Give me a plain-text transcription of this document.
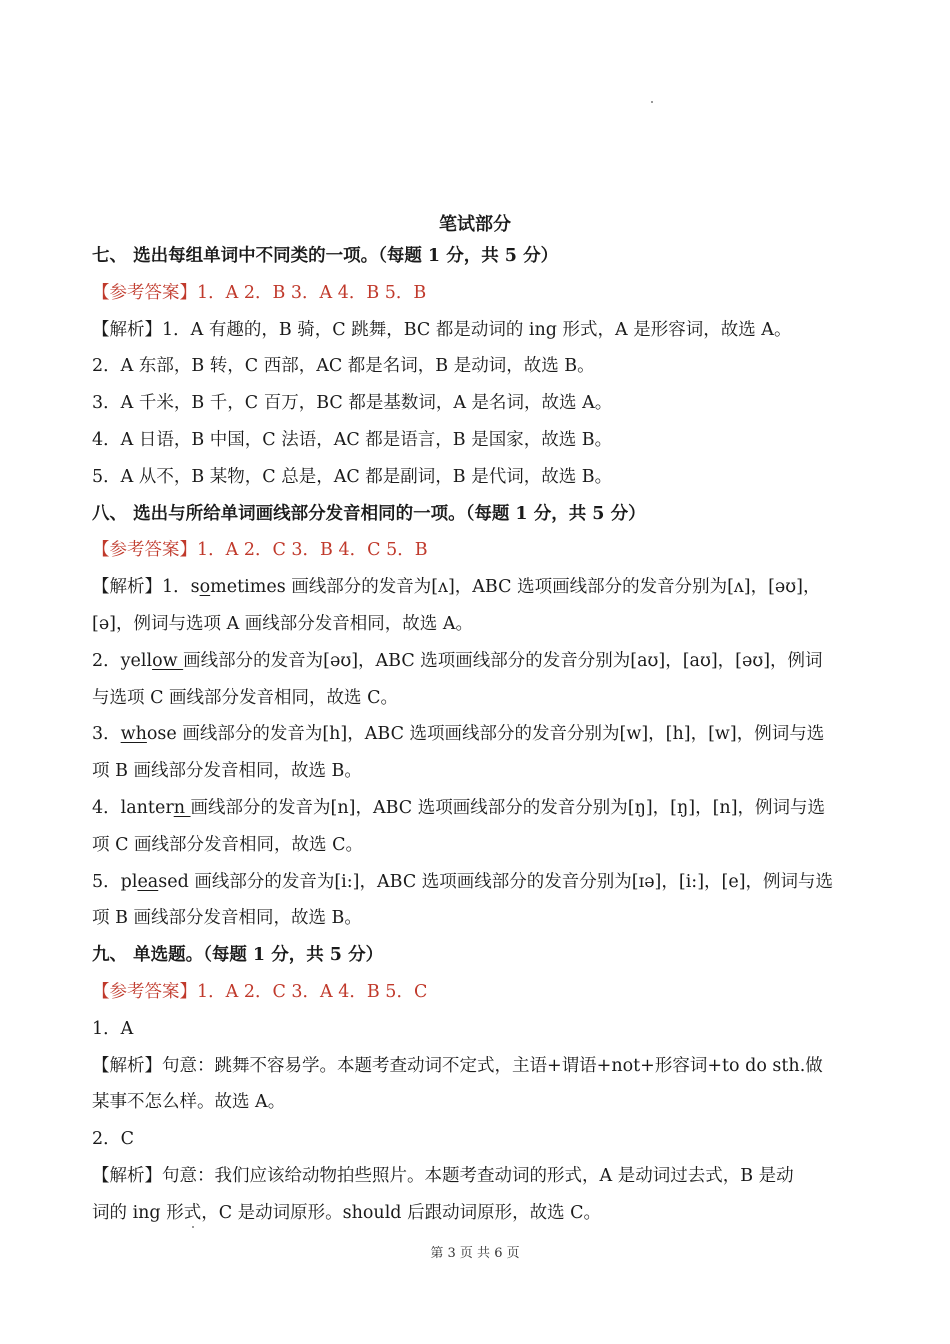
笔试部分
七、 选出每组单词中不同类的一项。（每题 1 分，共 5 分）
【参考答案】1．A 2．B 3．A 4．B 5．B
【解析】1．A 有趣的，B 骑，C 跳舞，BC 都是动词的 ing 形式，A 是形容词，故选 A。
2．A 东部，B 转，C 西部，AC 都是名词，B 是动词，故选 B。
3．A 千米，B 千，C 百万，BC 都是基数词，A 是名词，故选 A。
4．A 日语，B 中国，C 法语，AC 都是语言，B 是国家，故选 B。
5．A 从不，B 某物，C 总是，AC 都是副词，B 是代词，故选 B。
八、 选出与所给单词画线部分发音相同的一项。（每题 1 分，共 5 分）
【参考答案】1．A 2．C 3．B 4．C 5．B
【解析】1．sometimes 画线部分的发音为[ʌ]，ABC 选项画线部分的发音分别为[ʌ]，[əʊ]，
[ə]，例词与选项 A 画线部分发音相同，故选 A。
2．yellow 画线部分的发音为[əʊ]，ABC 选项画线部分的发音分别为[aʊ]，[aʊ]，[əʊ]，例词
与选项 C 画线部分发音相同，故选 C。
3．whose 画线部分的发音为[h]，ABC 选项画线部分的发音分别为[w]，[h]，[w]，例词与选
项 B 画线部分发音相同，故选 B。
4．lantern 画线部分的发音为[n]，ABC 选项画线部分的发音分别为[ŋ]，[ŋ]，[n]，例词与选
项 C 画线部分发音相同，故选 C。
5．pleased 画线部分的发音为[i:]，ABC 选项画线部分的发音分别为[ɪə]，[i:]，[e]，例词与选
项 B 画线部分发音相同，故选 B。
九、 单选题。（每题 1 分，共 5 分）
【参考答案】1．A 2．C 3．A 4．B 5．C
1．A
【解析】句意：跳舞不容易学。本题考查动词不定式，主语+谓语+not+形容词+to do sth.做
某事不怎么样。故选 A。
2．C
【解析】句意：我们应该给动物拍些照片。本题考查动词的形式，A 是动词过去式，B 是动
词的 ing 形式，C 是动词原形。should 后跟动词原形，故选 C。
第 3 页 共 6 页
